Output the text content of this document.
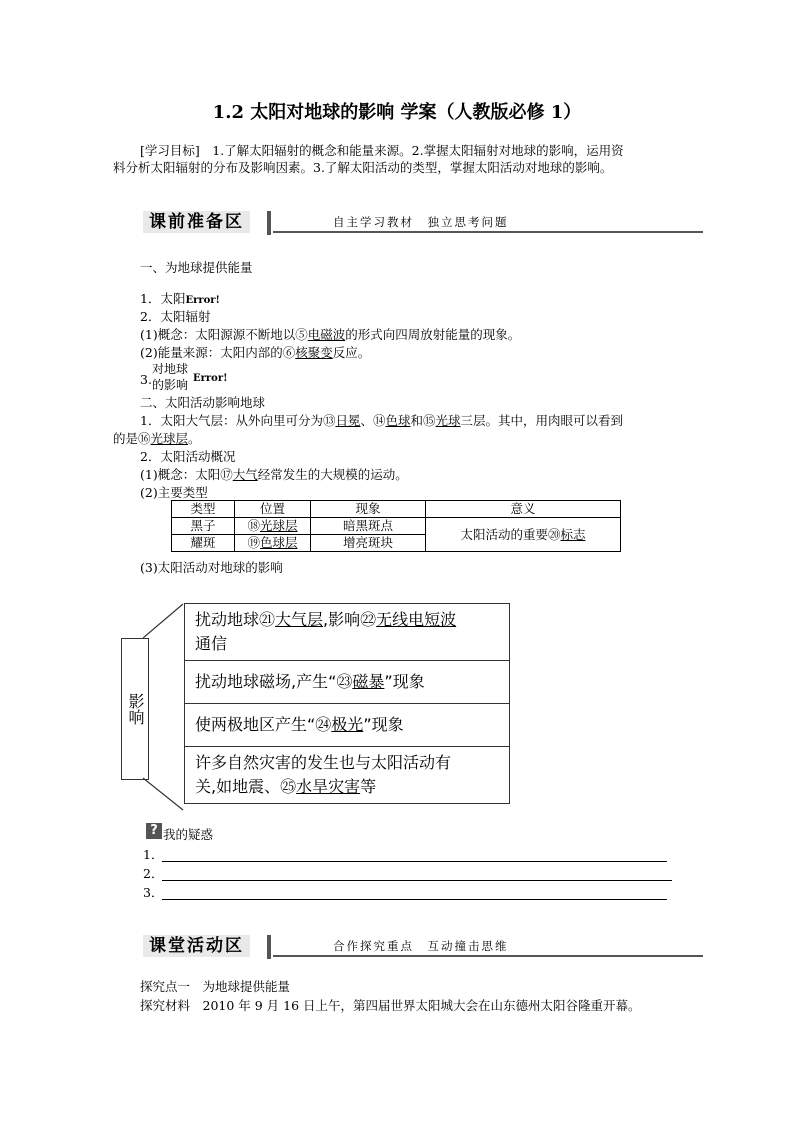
1.2 太阳对地球的影响 学案（人教版必修 1）
[学习目标]　1.了解太阳辐射的概念和能量来源。2.掌握太阳辐射对地球的影响，运用资
料分析太阳辐射的分布及影响因素。3.了解太阳活动的类型，掌握太阳活动对地球的影响。
课前准备区	自主学习教材　独立思考问题
一、为地球提供能量
1．太阳Error!
2．太阳辐射
(1)概念：太阳源源不断地以⑤电磁波的形式向四周放射能量的现象。
(2)能量来源：太阳内部的⑥核聚变反应。
3.
对地球
的影响 Error!
二、太阳活动影响地球
1．太阳大气层：从外向里可分为⑬日冕、⑭色球和⑮光球三层。其中，用肉眼可以看到
的是⑯光球层。
2．太阳活动概况
(1)概念：太阳⑰大气经常发生的大规模的运动。
(2)主要类型
类型	位置	现象	意义
黑子	⑱光球层	暗黑斑点	太阳活动的重要⑳标志
耀斑	⑲色球层	增亮斑块	
(3)太阳活动对地球的影响
影响
扰动地球㉑大气层,影响㉒无线电短波
通信
扰动地球磁场,产生“㉓磁暴”现象
使两极地区产生“㉔极光”现象
许多自然灾害的发生也与太阳活动有
关,如地震、㉕水旱灾害等
? 我的疑惑
1．
2．
3．
课堂活动区	合作探究重点　互动撞击思维
探究点一　为地球提供能量
探究材料　2010 年 9 月 16 日上午，第四届世界太阳城大会在山东德州太阳谷隆重开幕。
